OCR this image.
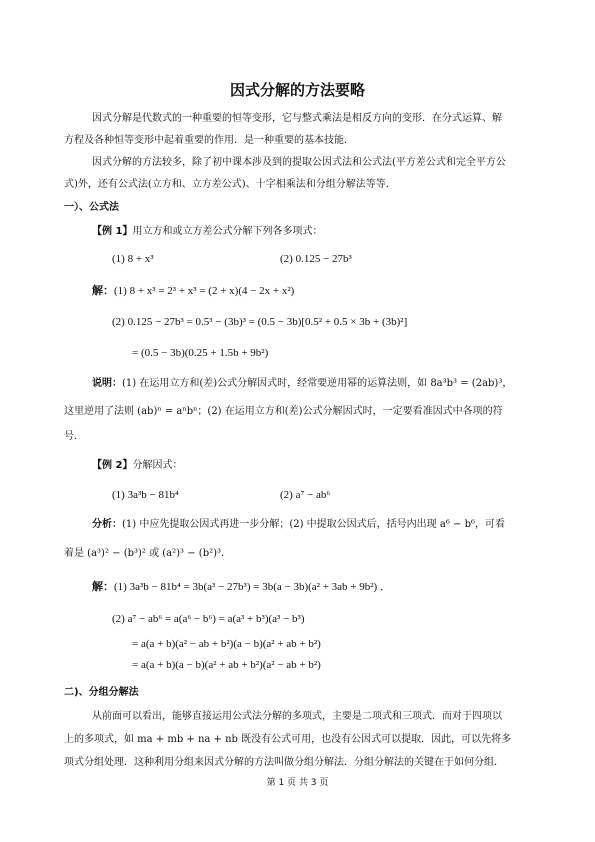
因式分解的方法要略
因式分解是代数式的一种重要的恒等变形，它与整式乘法是相反方向的变形．在分式运算、解
方程及各种恒等变形中起着重要的作用．是一种重要的基本技能．
因式分解的方法较多，除了初中课本涉及到的提取公因式法和公式法(平方差公式和完全平方公
式)外，还有公式法(立方和、立方差公式)、十字相乘法和分组分解法等等．
一）、公式法
【例 1】用立方和或立方差公式分解下列各多项式：
(1) 8 + x³	(2) 0.125 − 27b³
解：(1) 8 + x³ = 2³ + x³ = (2 + x)(4 − 2x + x²)
(2) 0.125 − 27b³ = 0.5³ − (3b)³ = (0.5 − 3b)[0.5² + 0.5 × 3b + (3b)²]
= (0.5 − 3b)(0.25 + 1.5b + 9b²)
说明：(1) 在运用立方和(差)公式分解因式时，经常要逆用幂的运算法则，如 8a³b³ = (2ab)³，
这里逆用了法则 (ab)ⁿ = aⁿbⁿ；(2) 在运用立方和(差)公式分解因式时，一定要看准因式中各项的符
号．
【例 2】分解因式：
(1) 3a³b − 81b⁴	(2) a⁷ − ab⁶
分析：(1) 中应先提取公因式再进一步分解；(2) 中提取公因式后，括号内出现 a⁶ − b⁶，可看
着是 (a³)² − (b³)² 或 (a²)³ − (b²)³．
解：(1) 3a³b − 81b⁴ = 3b(a³ − 27b³) = 3b(a − 3b)(a² + 3ab + 9b²) ．
(2) a⁷ − ab⁶ = a(a⁶ − b⁶) = a(a³ + b³)(a³ − b³)
= a(a + b)(a² − ab + b²)(a − b)(a² + ab + b²)
= a(a + b)(a − b)(a² + ab + b²)(a² − ab + b²)
二)、分组分解法
从前面可以看出，能够直接运用公式法分解的多项式，主要是二项式和三项式．而对于四项以
上的多项式，如 ma + mb + na + nb 既没有公式可用，也没有公因式可以提取．因此，可以先将多
项式分组处理．这种利用分组来因式分解的方法叫做分组分解法．分组分解法的关键在于如何分组．
第 1 页 共 3 页
